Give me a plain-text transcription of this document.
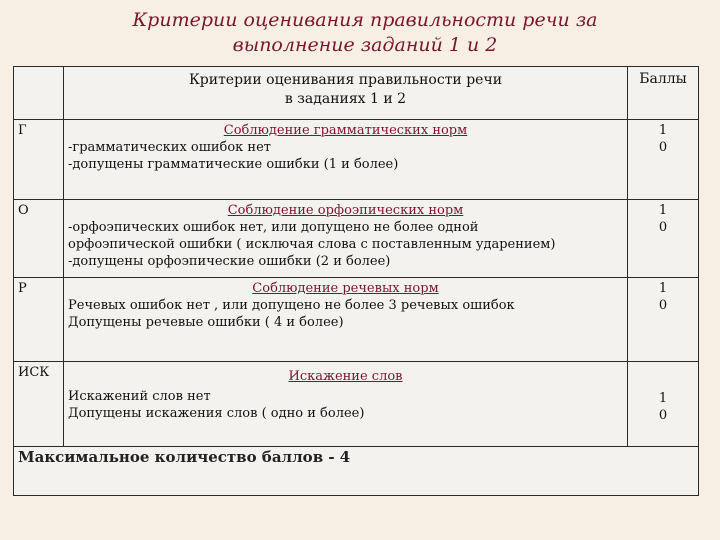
Критерии оценивания правильности речи за
выполнение заданий 1 и 2

	Критерии оценивания правильности речи
в заданиях 1 и 2	Баллы
Г	Соблюдение грамматических норм
-грамматических ошибок нет
-допущены грамматические ошибки (1 и более)	1
0

О	Соблюдение орфоэпических норм
-орфоэпических ошибок нет, или допущено не более одной
орфоэпической ошибки ( исключая слова с поставленным ударением)
-допущены орфоэпические ошибки (2 и более)	1
0

Р	Соблюдение речевых норм
Речевых ошибок нет , или допущено не более 3 речевых ошибок
Допущены речевые ошибки ( 4 и более)	1
0

ИСК	Искажение слов
Искажений слов нет
Допущены искажения слов ( одно и более)	1
0

Максимальное количество баллов - 4		
